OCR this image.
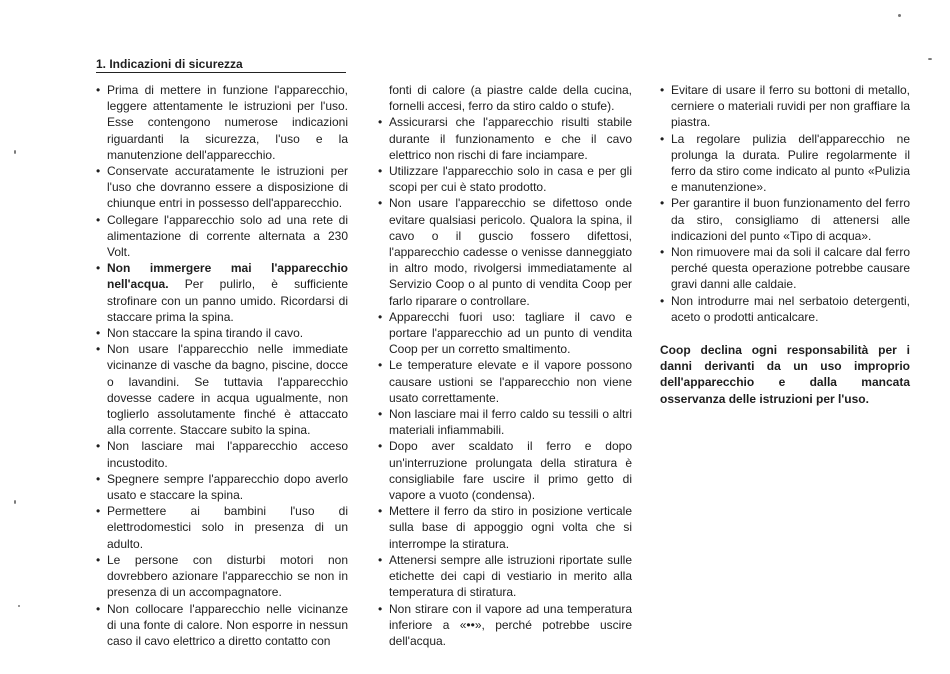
1. Indicazioni di sicurezza
• Prima di mettere in funzione l'apparecchio, leggere attentamente le istruzioni per l'uso. Esse contengono numerose indicazioni riguardanti la sicurezza, l'uso e la manutenzione dell'apparecchio.
• Conservate accuratamente le istruzioni per l'uso che dovranno essere a disposizione di chiunque entri in possesso dell'apparecchio.
• Collegare l'apparecchio solo ad una rete di alimentazione di corrente alternata a 230 Volt.
• Non immergere mai l'apparecchio nell'acqua. Per pulirlo, è sufficiente strofinare con un panno umido. Ricordarsi di staccare prima la spina.
• Non staccare la spina tirando il cavo.
• Non usare l'apparecchio nelle immediate vicinanze di vasche da bagno, piscine, docce o lavandini. Se tuttavia l'apparecchio dovesse cadere in acqua ugualmente, non toglierlo assolutamente finché è attaccato alla corrente. Staccare subito la spina.
• Non lasciare mai l'apparecchio acceso incustodito.
• Spegnere sempre l'apparecchio dopo averlo usato e staccare la spina.
• Permettere ai bambini l'uso di elettrodomestici solo in presenza di un adulto.
• Le persone con disturbi motori non dovrebbero azionare l'apparecchio se non in presenza di un accompagnatore.
• Non collocare l'apparecchio nelle vicinanze di una fonte di calore. Non esporre in nessun caso il cavo elettrico a diretto contatto con
fonti di calore (a piastre calde della cucina, fornelli accesi, ferro da stiro caldo o stufe).
• Assicurarsi che l'apparecchio risulti stabile durante il funzionamento e che il cavo elettrico non rischi di fare inciampare.
• Utilizzare l'apparecchio solo in casa e per gli scopi per cui è stato prodotto.
• Non usare l'apparecchio se difettoso onde evitare qualsiasi pericolo. Qualora la spina, il cavo o il guscio fossero difettosi, l'apparecchio cadesse o venisse danneggiato in altro modo, rivolgersi immediatamente al Servizio Coop o al punto di vendita Coop per farlo riparare o controllare.
• Apparecchi fuori uso: tagliare il cavo e portare l'apparecchio ad un punto di vendita Coop per un corretto smaltimento.
• Le temperature elevate e il vapore possono causare ustioni se l'apparecchio non viene usato correttamente.
• Non lasciare mai il ferro caldo su tessili o altri materiali infiammabili.
• Dopo aver scaldato il ferro e dopo un'interruzione prolungata della stiratura è consigliabile fare uscire il primo getto di vapore a vuoto (condensa).
• Mettere il ferro da stiro in posizione verticale sulla base di appoggio ogni volta che si interrompe la stiratura.
• Attenersi sempre alle istruzioni riportate sulle etichette dei capi di vestiario in merito alla temperatura di stiratura.
• Non stirare con il vapore ad una temperatura inferiore a «••», perché potrebbe uscire dell'acqua.
• Evitare di usare il ferro su bottoni di metallo, cerniere o materiali ruvidi per non graffiare la piastra.
• La regolare pulizia dell'apparecchio ne prolunga la durata. Pulire regolarmente il ferro da stiro come indicato al punto «Pulizia e manutenzione».
• Per garantire il buon funzionamento del ferro da stiro, consigliamo di attenersi alle indicazioni del punto «Tipo di acqua».
• Non rimuovere mai da soli il calcare dal ferro perché questa operazione potrebbe causare gravi danni alle caldaie.
• Non introdurre mai nel serbatoio detergenti, aceto o prodotti anticalcare.
Coop declina ogni responsabilità per i danni derivanti da un uso improprio dell'apparecchio e dalla mancata osservanza delle istruzioni per l'uso.
